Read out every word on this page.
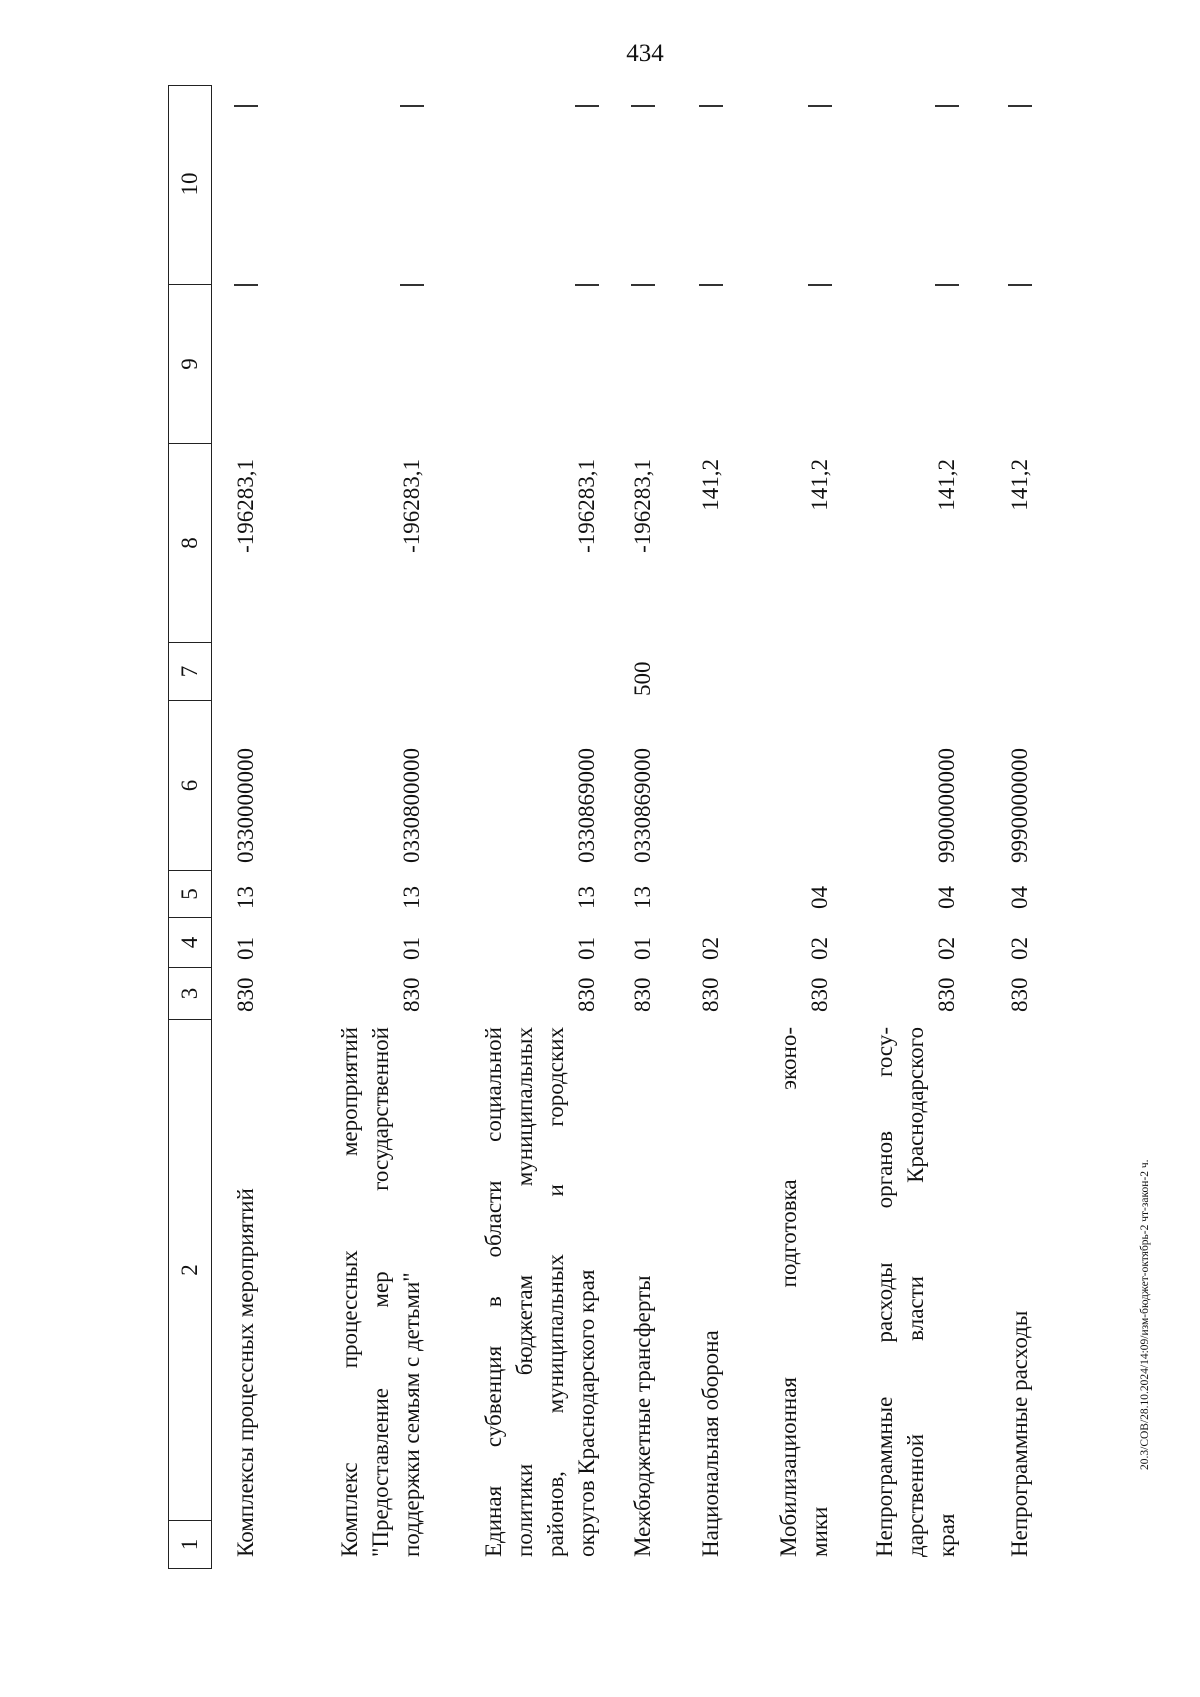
434
1
2
3
4
5
6
7
8
9
10
Комплексы процессных мероприятий
830
01
13
0330000000
-196283,1
Комплекс процессных мероприятий "Предоставление мер государственной поддержки семьям с детьми"
830
01
13
0330800000
-196283,1
Единая субвенция в области социальной политики бюджетам муниципальных районов, муниципальных и городских округов Краснодарского края
830
01
13
0330869000
-196283,1
Межбюджетные трансферты
830
01
13
0330869000
500
-196283,1
Национальная оборона
830
02
141,2
Мобилизационная подготовка эконо- мики
830
02
04
141,2
Непрограммные расходы органов госу- дарственной власти Краснодарского края
830
02
04
9900000000
141,2
Непрограммные расходы
830
02
04
9990000000
141,2
20.3/СОВ/28.10.2024/14:09/изм-бюджет-октябрь-2 чт-закон-2 ч.
